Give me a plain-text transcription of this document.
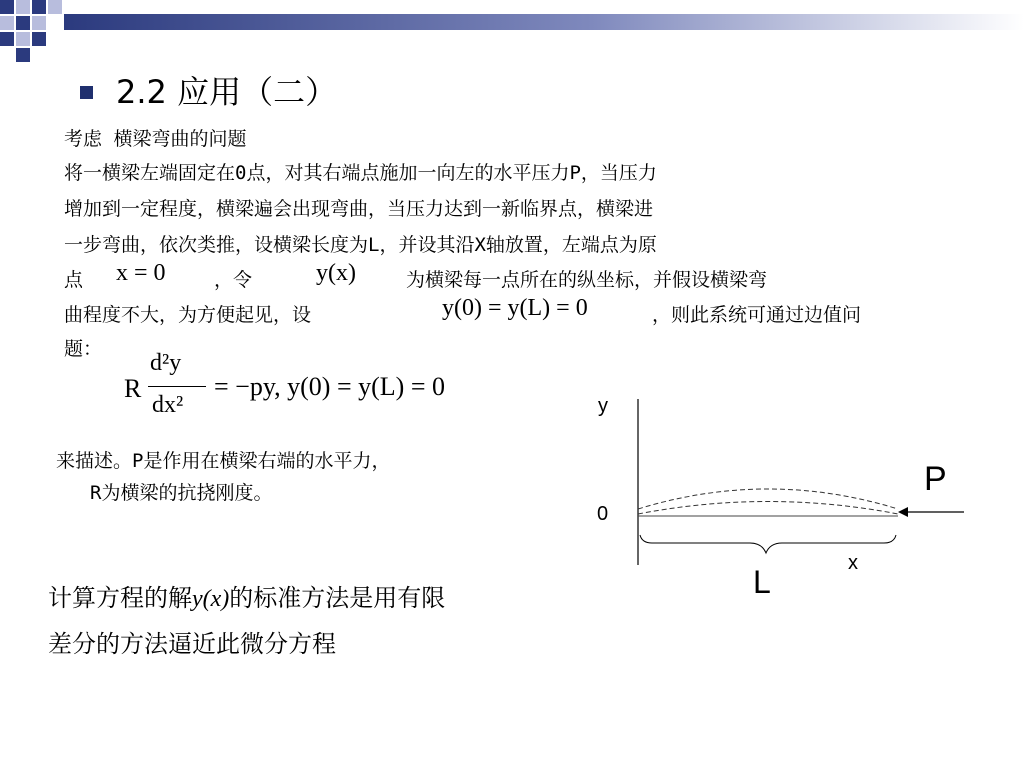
2.2 应用（二）
考虑 横梁弯曲的问题
将一横梁左端固定在0点，对其右端点施加一向左的水平压力P，当压力
增加到一定程度，横梁遍会出现弯曲，当压力达到一新临界点，横梁进
一步弯曲，依次类推，设横梁长度为L，并设其沿X轴放置，左端点为原
点 x = 0	，令	y(x)	为横梁每一点所在的纵坐标，并假设横梁弯
曲程度不大，为方便起见，设	y(0) = y(L) = 0	，则此系统可通过边值问
题：
R
d²y
dx²
= −py, y(0) = y(L) = 0
来描述。P是作用在横梁右端的水平力，
R为横梁的抗挠刚度。
计算方程的解y(x)的标准方法是用有限
差分的方法逼近此微分方程
y
0
P
x
L
